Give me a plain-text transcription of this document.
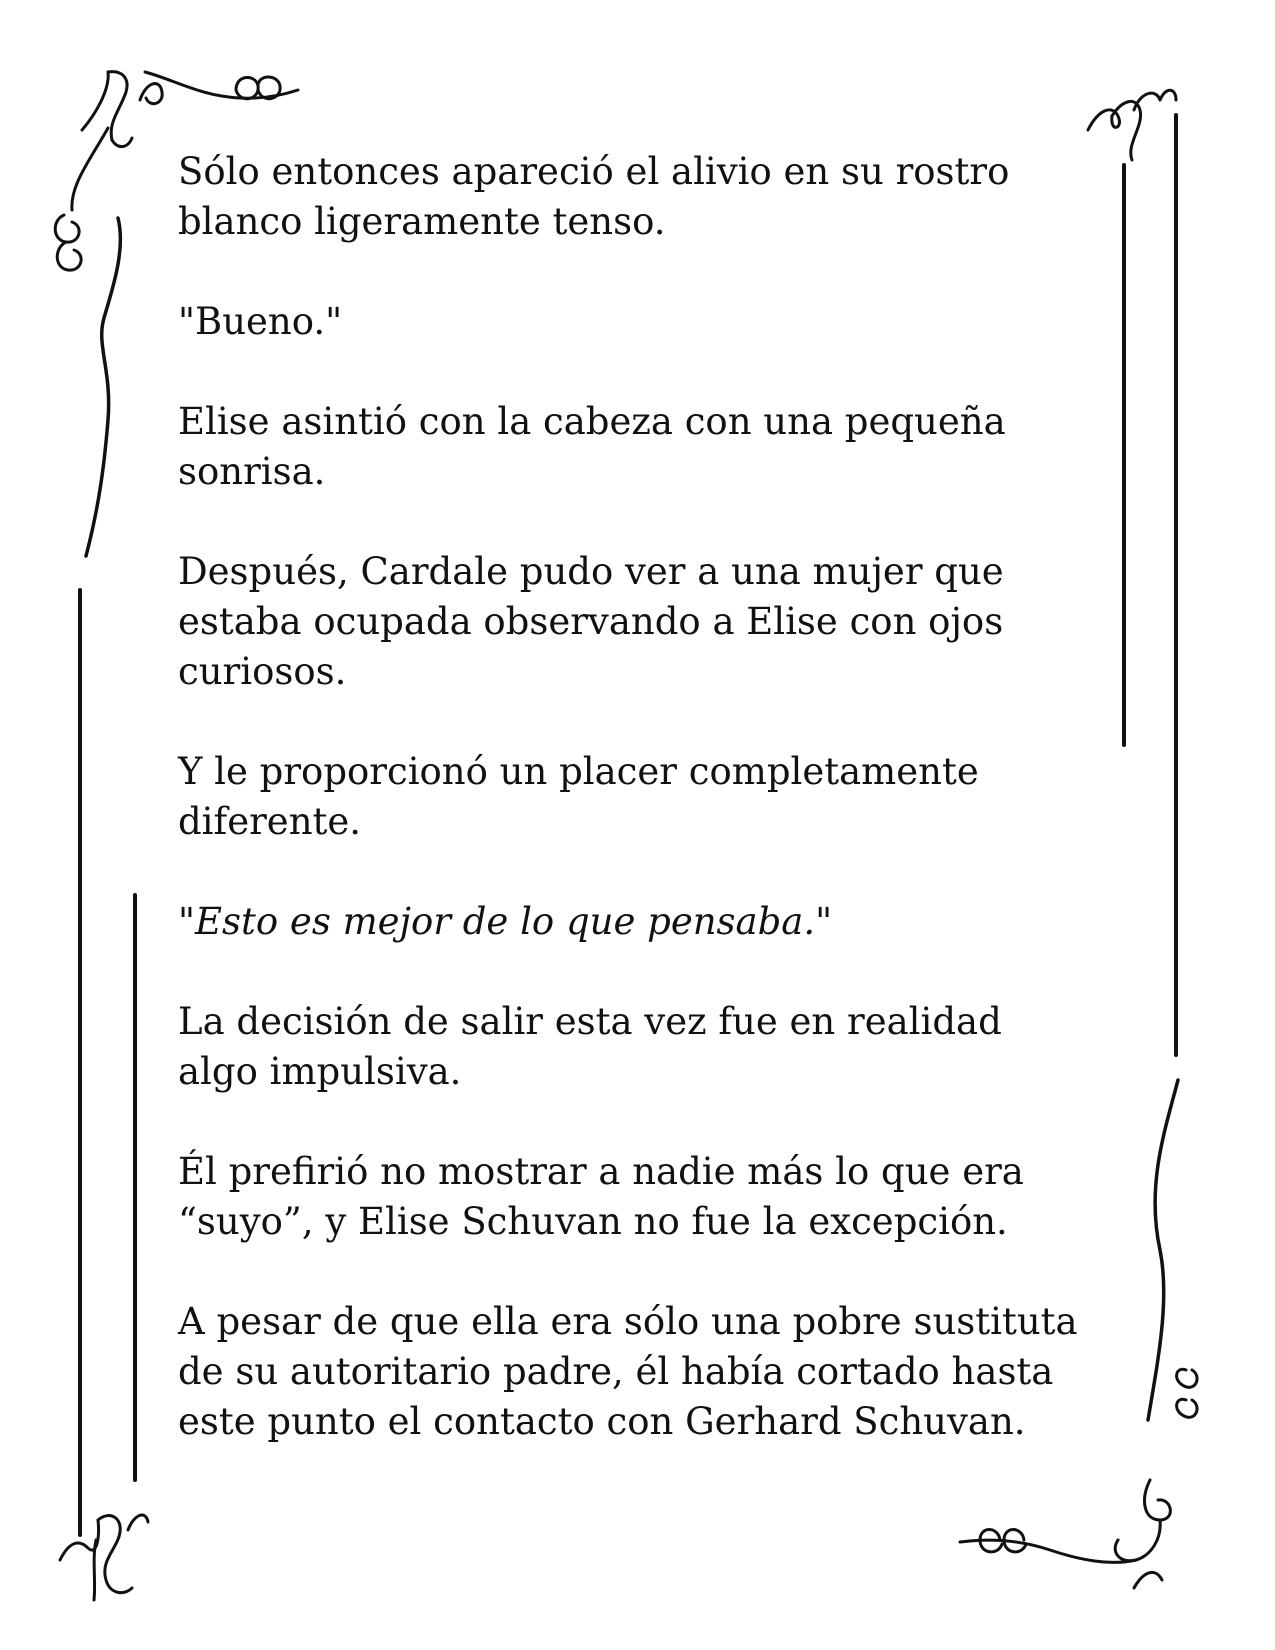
Sólo entonces apareció el alivio en su rostro
blanco ligeramente tenso.

"Bueno."

Elise asintió con la cabeza con una pequeña
sonrisa.

Después, Cardale pudo ver a una mujer que
estaba ocupada observando a Elise con ojos
curiosos.

Y le proporcionó un placer completamente
diferente.

"Esto es mejor de lo que pensaba."

La decisión de salir esta vez fue en realidad
algo impulsiva.

Él prefirió no mostrar a nadie más lo que era
“suyo”, y Elise Schuvan no fue la excepción.

A pesar de que ella era sólo una pobre sustituta
de su autoritario padre, él había cortado hasta
este punto el contacto con Gerhard Schuvan.
